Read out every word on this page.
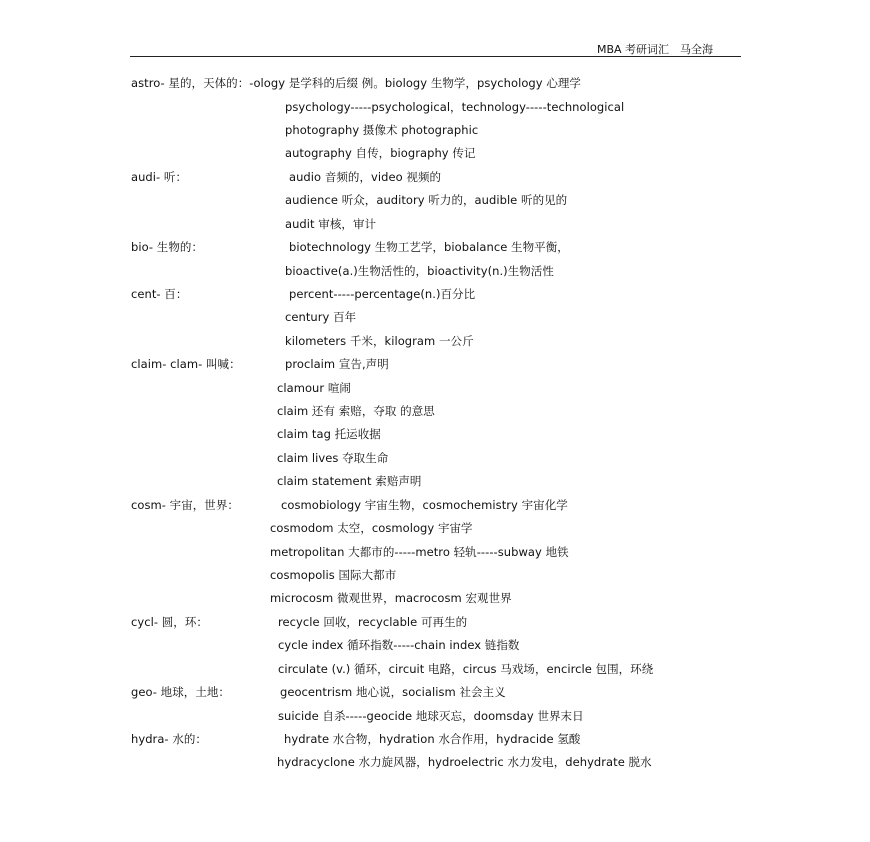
MBA 考研词汇　马全海
astro- 星的，天体的：-ology 是学科的后缀 例。biology 生物学，psychology 心理学
psychology-----psychological，technology-----technological
photography 摄像术 photographic
autography 自传，biography 传记
audi- 听：	audio 音频的，video 视频的
audience 听众，auditory 听力的，audible 听的见的
audit 审核，审计
bio- 生物的：	biotechnology 生物工艺学，biobalance 生物平衡，
bioactive(a.)生物活性的，bioactivity(n.)生物活性
cent- 百：	percent-----percentage(n.)百分比
century 百年
kilometers 千米，kilogram 一公斤
claim- clam- 叫喊：	proclaim 宣告,声明
clamour 喧闹
claim 还有 索赔，夺取 的意思
claim tag 托运收据
claim lives 夺取生命
claim statement 索赔声明
cosm- 宇宙，世界：	cosmobiology 宇宙生物，cosmochemistry 宇宙化学
cosmodom 太空，cosmology 宇宙学
metropolitan 大都市的-----metro 轻轨-----subway 地铁
cosmopolis 国际大都市
microcosm 微观世界，macrocosm 宏观世界
cycl- 圆，环：	recycle 回收，recyclable 可再生的
cycle index 循环指数-----chain index 链指数
circulate (v.) 循环，circuit 电路，circus 马戏场，encircle 包围，环绕
geo- 地球，土地：	geocentrism 地心说，socialism 社会主义
suicide 自杀-----geocide 地球灭忘，doomsday 世界末日
hydra- 水的：	hydrate 水合物，hydration 水合作用，hydracide 氢酸
hydracyclone 水力旋风器，hydroelectric 水力发电，dehydrate 脱水
